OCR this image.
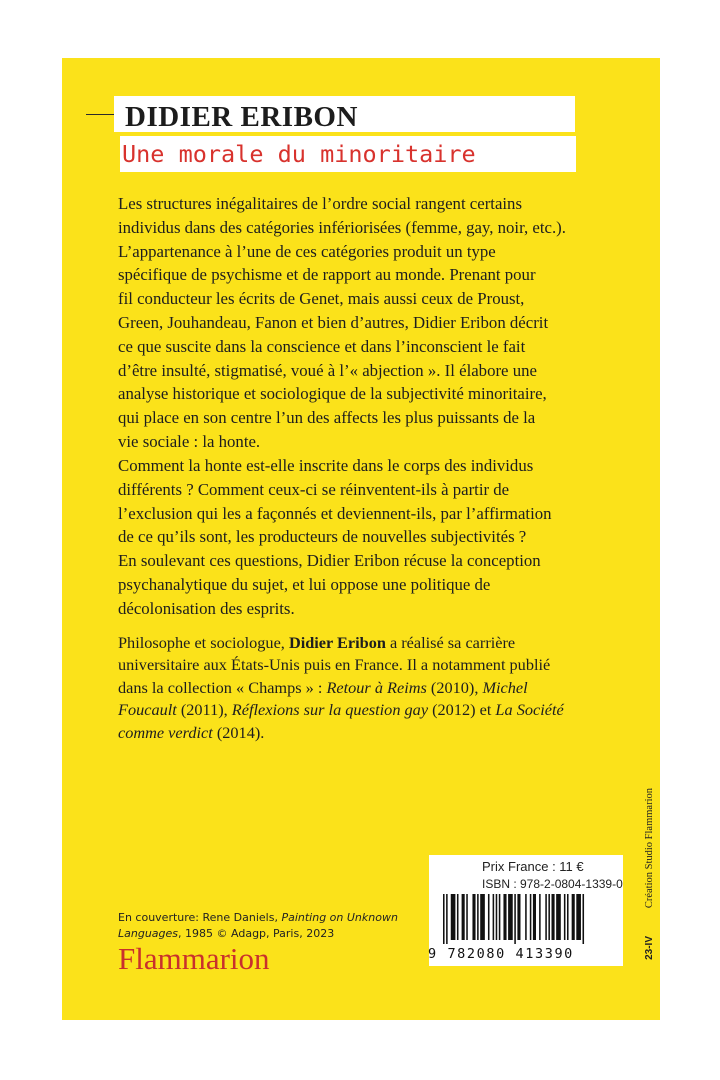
DIDIER ERIBON
Une morale du minoritaire
Les structures inégalitaires de l’ordre social rangent certains
individus dans des catégories infériorisées (femme, gay, noir, etc.).
L’appartenance à l’une de ces catégories produit un type
spécifique de psychisme et de rapport au monde. Prenant pour
fil conducteur les écrits de Genet, mais aussi ceux de Proust,
Green, Jouhandeau, Fanon et bien d’autres, Didier Eribon décrit
ce que suscite dans la conscience et dans l’inconscient le fait
d’être insulté, stigmatisé, voué à l’« abjection ». Il élabore une
analyse historique et sociologique de la subjectivité minoritaire,
qui place en son centre l’un des affects les plus puissants de la
vie sociale : la honte.
Comment la honte est-elle inscrite dans le corps des individus
différents ? Comment ceux-ci se réinventent-ils à partir de
l’exclusion qui les a façonnés et deviennent-ils, par l’affirmation
de ce qu’ils sont, les producteurs de nouvelles subjectivités ?
En soulevant ces questions, Didier Eribon récuse la conception
psychanalytique du sujet, et lui oppose une politique de
décolonisation des esprits.
Philosophe et sociologue, Didier Eribon a réalisé sa carrière
universitaire aux États-Unis puis en France. Il a notamment publié
dans la collection « Champs » : Retour à Reims (2010), Michel
Foucault (2011), Réflexions sur la question gay (2012) et La Société
comme verdict (2014).
Prix France : 11 €
ISBN : 978-2-0804-1339-0
9 782080 413390
En couverture: Rene Daniels, Painting on Unknown
Languages, 1985 © Adagp, Paris, 2023
Flammarion
Création Studio Flammarion
23-IV
